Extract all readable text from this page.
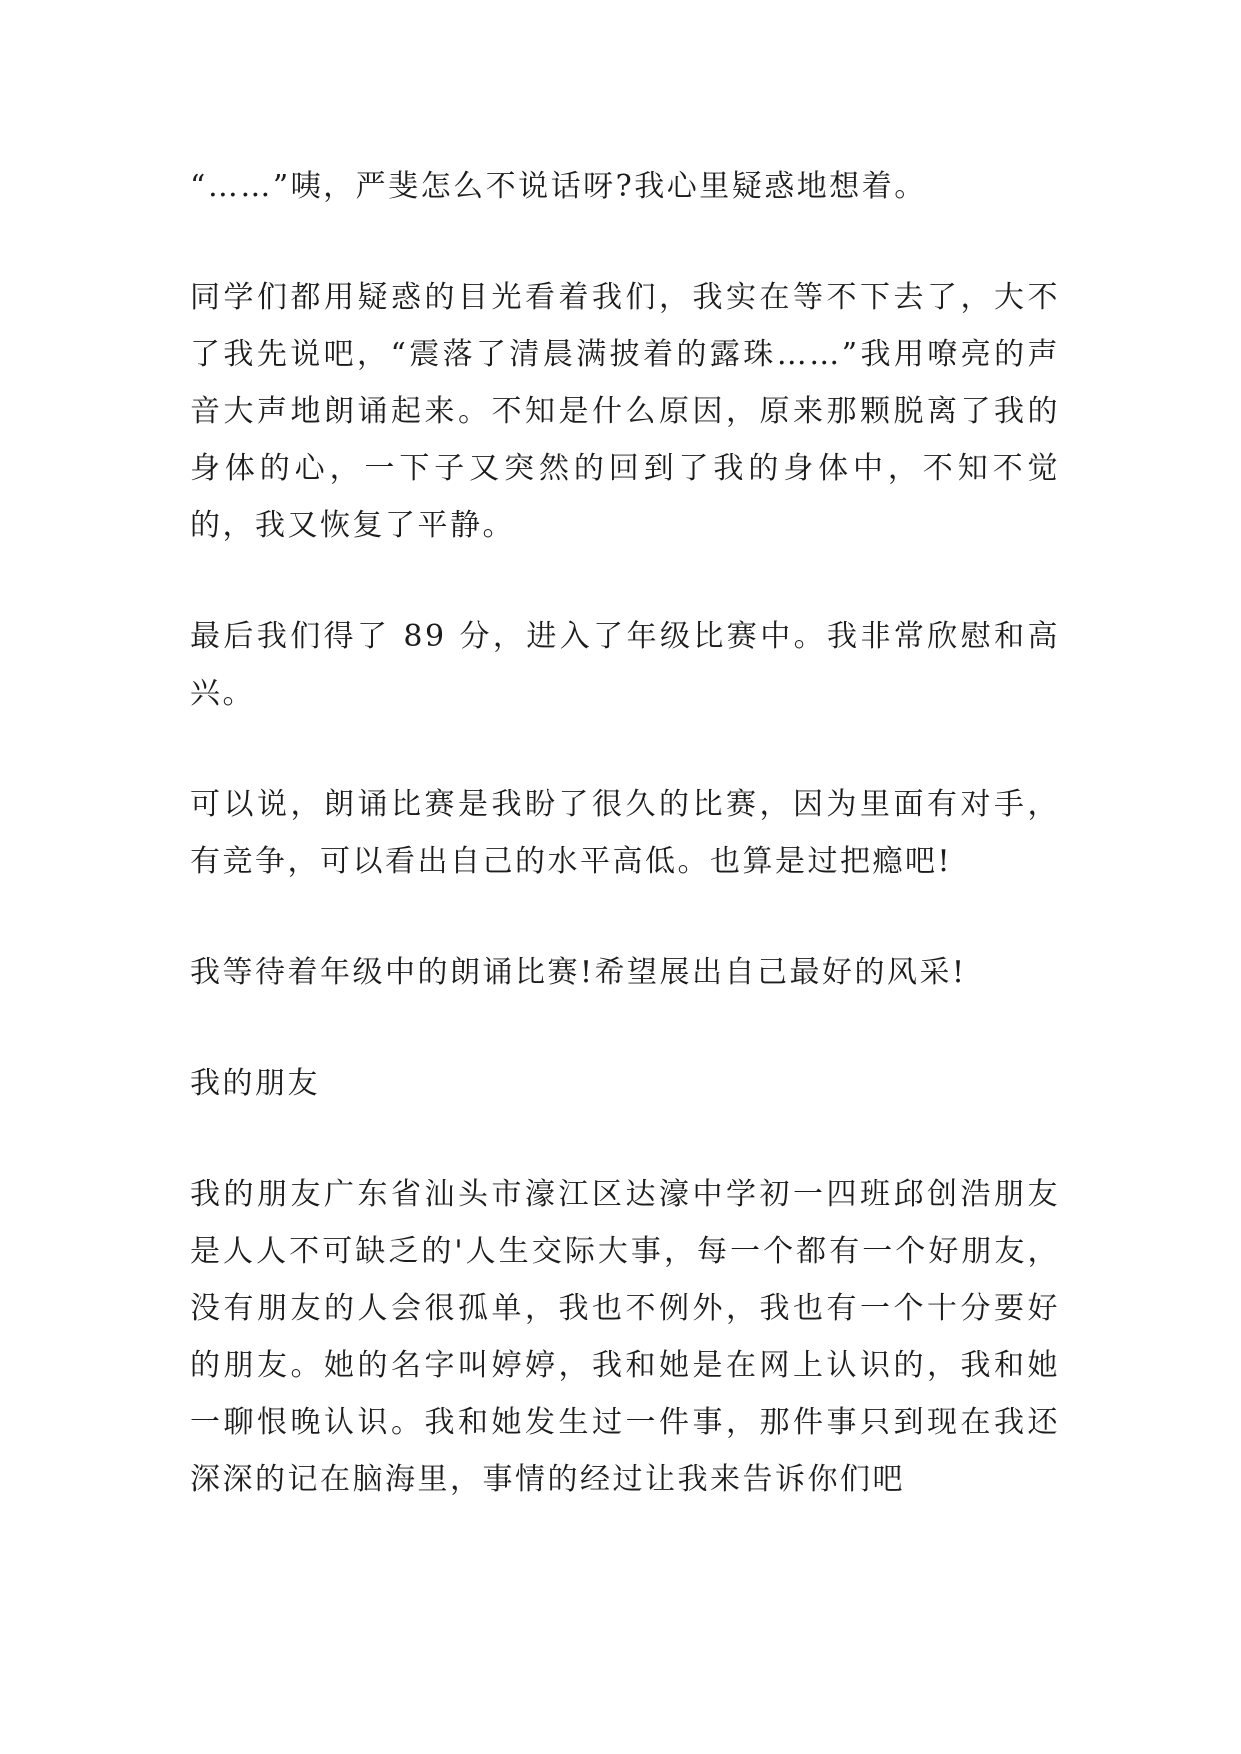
“……”咦，严斐怎么不说话呀?我心里疑惑地想着。

同学们都用疑惑的目光看着我们，我实在等不下去了，大不了我先说吧，“震落了清晨满披着的露珠……”我用嘹亮的声音大声地朗诵起来。不知是什么原因，原来那颗脱离了我的身体的心，一下子又突然的回到了我的身体中，不知不觉的，我又恢复了平静。

最后我们得了 89 分，进入了年级比赛中。我非常欣慰和高兴。

可以说，朗诵比赛是我盼了很久的比赛，因为里面有对手，有竞争，可以看出自己的水平高低。也算是过把瘾吧!

我等待着年级中的朗诵比赛!希望展出自己最好的风采!

我的朋友

我的朋友广东省汕头市濠江区达濠中学初一四班邱创浩朋友是人人不可缺乏的'人生交际大事，每一个都有一个好朋友，没有朋友的人会很孤单，我也不例外，我也有一个十分要好的朋友。她的名字叫婷婷，我和她是在网上认识的，我和她一聊恨晚认识。我和她发生过一件事，那件事只到现在我还深深的记在脑海里，事情的经过让我来告诉你们吧
